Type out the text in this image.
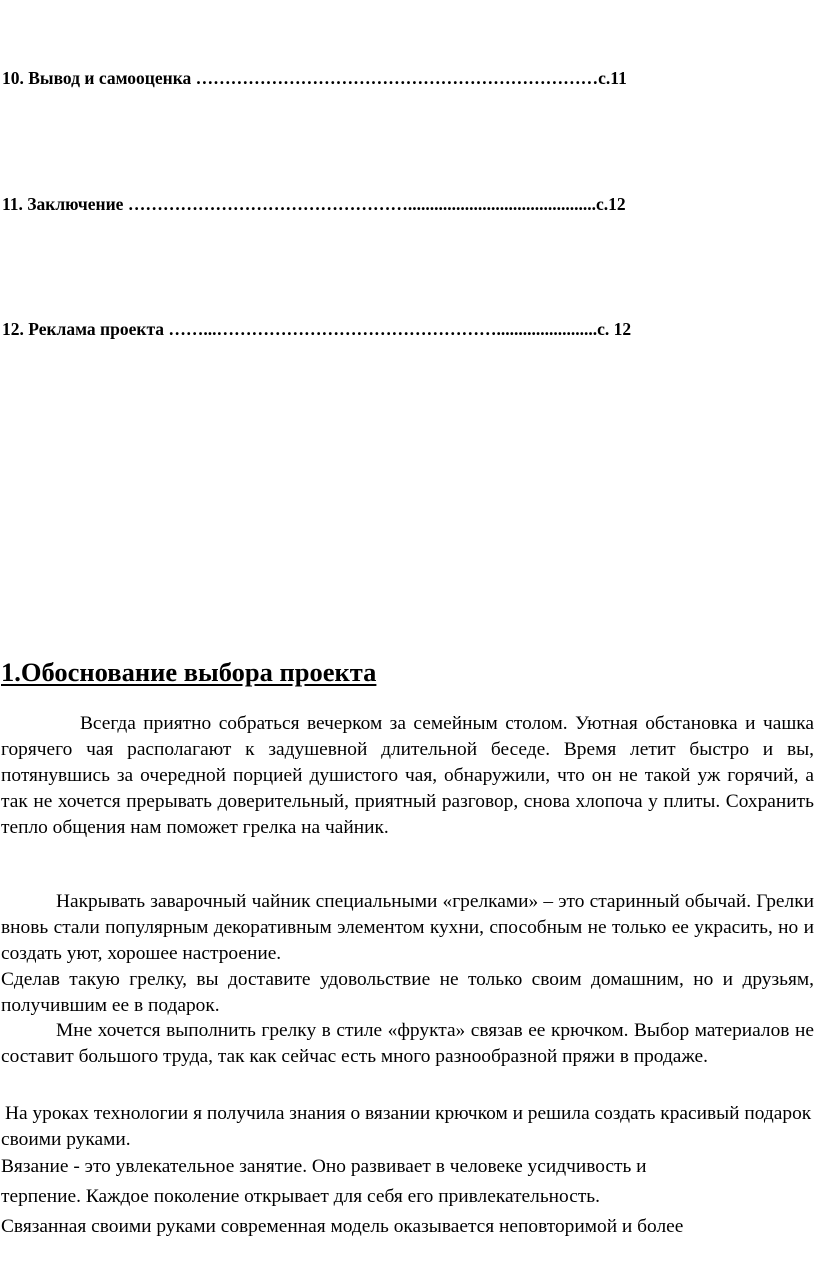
10. Вывод и самооценка ……………………………………………………………с.11
11. Заключение …………………………………………...........................................с.12
12. Реклама проекта ……...………………………………………….......................с. 12
1.Обоснование выбора проекта

Всегда приятно собраться вечерком за семейным столом. Уютная обстановка и чашка горячего чая располагают к задушевной длительной беседе. Время летит быстро и вы, потянувшись за очередной порцией душистого чая, обнаружили, что он не такой уж горячий, а так не хочется прерывать доверительный, приятный разговор, снова хлопоча у плиты. Сохранить тепло общения нам поможет грелка на чайник.

Накрывать заварочный чайник специальными «грелками» – это старинный обычай. Грелки вновь стали популярным декоративным элементом кухни, способным не только ее украсить, но и создать уют, хорошее настроение.

Сделав такую грелку, вы доставите удовольствие не только своим домашним, но и друзьям, получившим ее в подарок.

Мне хочется выполнить грелку в стиле «фрукта» связав ее крючком. Выбор материалов не составит большого труда, так как сейчас есть много разнообразной пряжи в продаже.

На уроках технологии я получила знания о вязании крючком и решила создать красивый подарок своими руками.

Вязание - это увлекательное занятие. Оно развивает в человеке усидчивость и

терпение. Каждое поколение открывает для себя его привлекательность.

Связанная своими руками современная модель оказывается неповторимой и более
